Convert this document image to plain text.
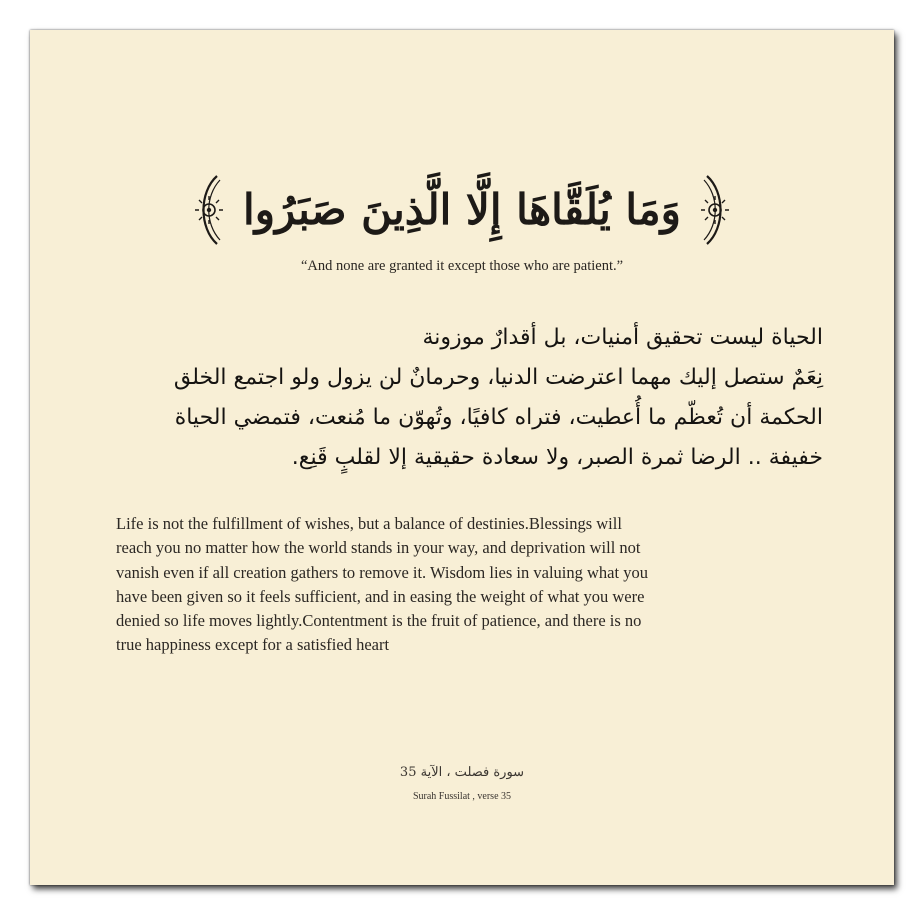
وَمَا يُلَقَّاهَا إِلَّا الَّذِينَ صَبَرُوا
“And none are granted it except those who are patient.”
الحياة ليست تحقيق أمنيات، بل أقدارٌ موزونة
نِعَمٌ ستصل إليك مهما اعترضت الدنيا، وحرمانٌ لن يزول ولو اجتمع الخلق
الحكمة أن تُعظّم ما أُعطيت، فتراه كافيًا، وتُهوّن ما مُنعت، فتمضي الحياة
خفيفة .. الرضا ثمرة الصبر، ولا سعادة حقيقية إلا لقلبٍ قَنِع.
Life is not the fulfillment of wishes, but a balance of destinies.Blessings will
reach you no matter how the world stands in your way, and deprivation will not
vanish even if all creation gathers to remove it. Wisdom lies in valuing what you
have been given so it feels sufficient, and in easing the weight of what you were
denied so life moves lightly.Contentment is the fruit of patience, and there is no
true happiness except for a satisfied heart
سورة فصلت ، الآية 35
Surah Fussilat , verse 35
